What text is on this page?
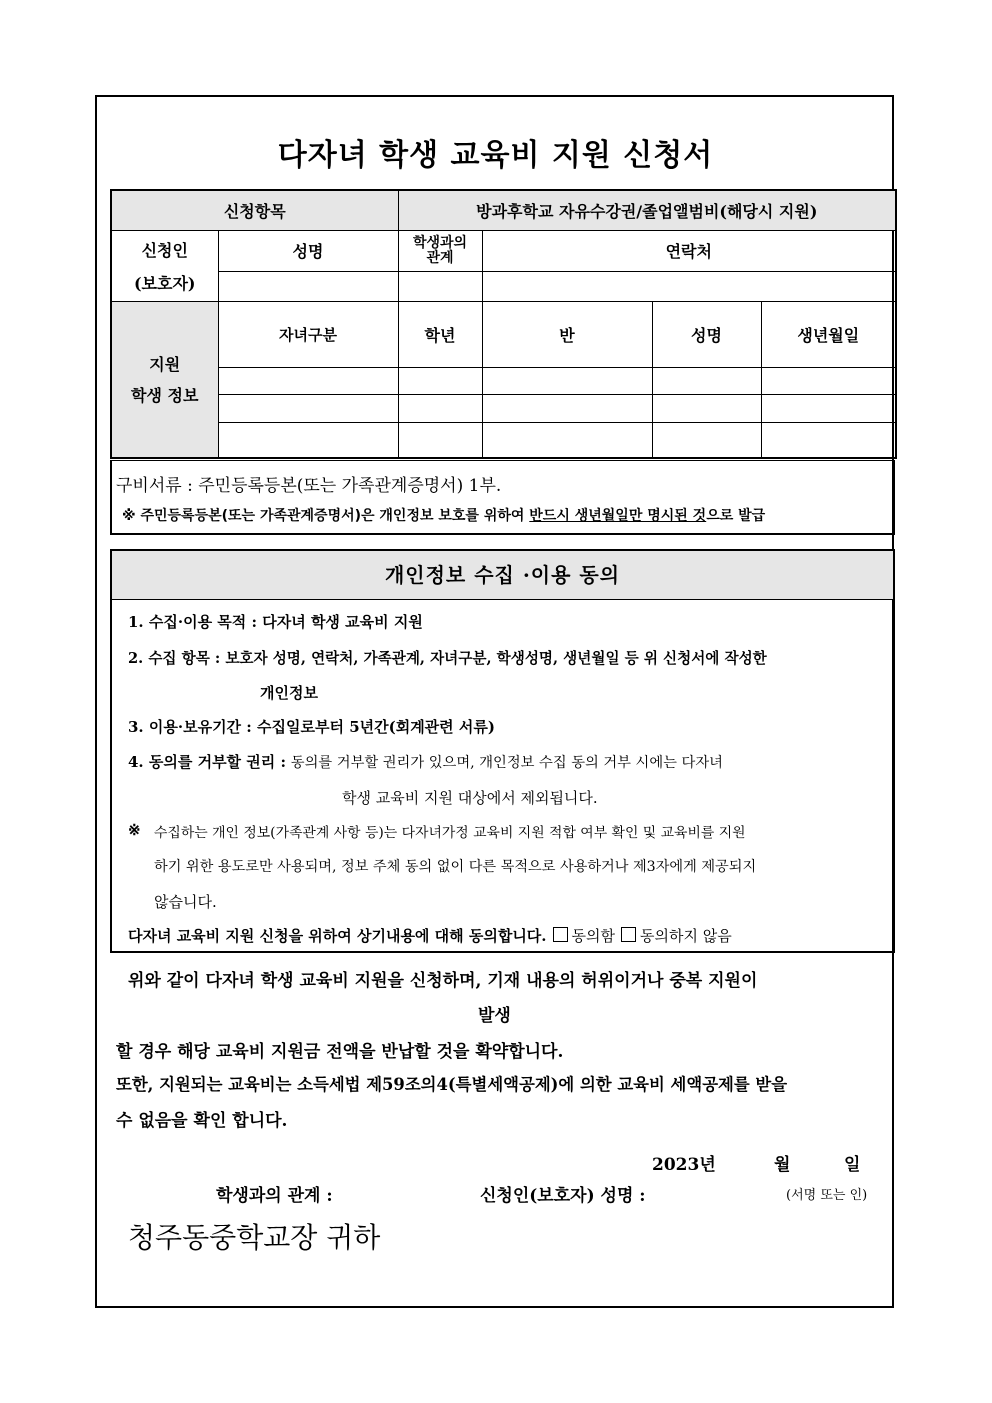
다자녀 학생 교육비 지원 신청서
신청항목		방과후학교 자유수강권/졸업앨범비(해당시 지원)			

신청인
(보호자)	성명	학생과의 관계	연락처		

지원
학생 정보	자녀구분	학년	반	성명	생년월일

구비서류 : 주민등록등본(또는 가족관계증명서) 1부.
※ 주민등록등본(또는 가족관계증명서)은 개인정보 보호를 위하여 반드시 생년월일만 명시된 것으로 발급
개인정보 수집 ·이용 동의
1. 수집·이용 목적 : 다자녀 학생 교육비 지원
2. 수집 항목 : 보호자 성명, 연락처, 가족관계, 자녀구분, 학생성명, 생년월일 등 위 신청서에 작성한
개인정보
3. 이용·보유기간 : 수집일로부터 5년간(회계관련 서류)
4. 동의를 거부할 권리 : 동의를 거부할 권리가 있으며, 개인정보 수집 동의 거부 시에는 다자녀
학생 교육비 지원 대상에서 제외됩니다.
※ 수집하는 개인 정보(가족관계 사항 등)는 다자녀가정 교육비 지원 적합 여부 확인 및 교육비를 지원
하기 위한 용도로만 사용되며, 정보 주체 동의 없이 다른 목적으로 사용하거나 제3자에게 제공되지
않습니다.
다자녀 교육비 지원 신청을 위하여 상기내용에 대해 동의합니다. 동의함 동의하지 않음
위와 같이 다자녀 학생 교육비 지원을 신청하며, 기재 내용의 허위이거나 중복 지원이
발생
할 경우 해당 교육비 지원금 전액을 반납할 것을 확약합니다.
또한, 지원되는 교육비는 소득세법 제59조의4(특별세액공제)에 의한 교육비 세액공제를 받을
수 없음을 확인 합니다.
2023년	월	일
학생과의 관계 :	신청인(보호자) 성명 :	(서명 또는 인)
청주동중학교장 귀하
